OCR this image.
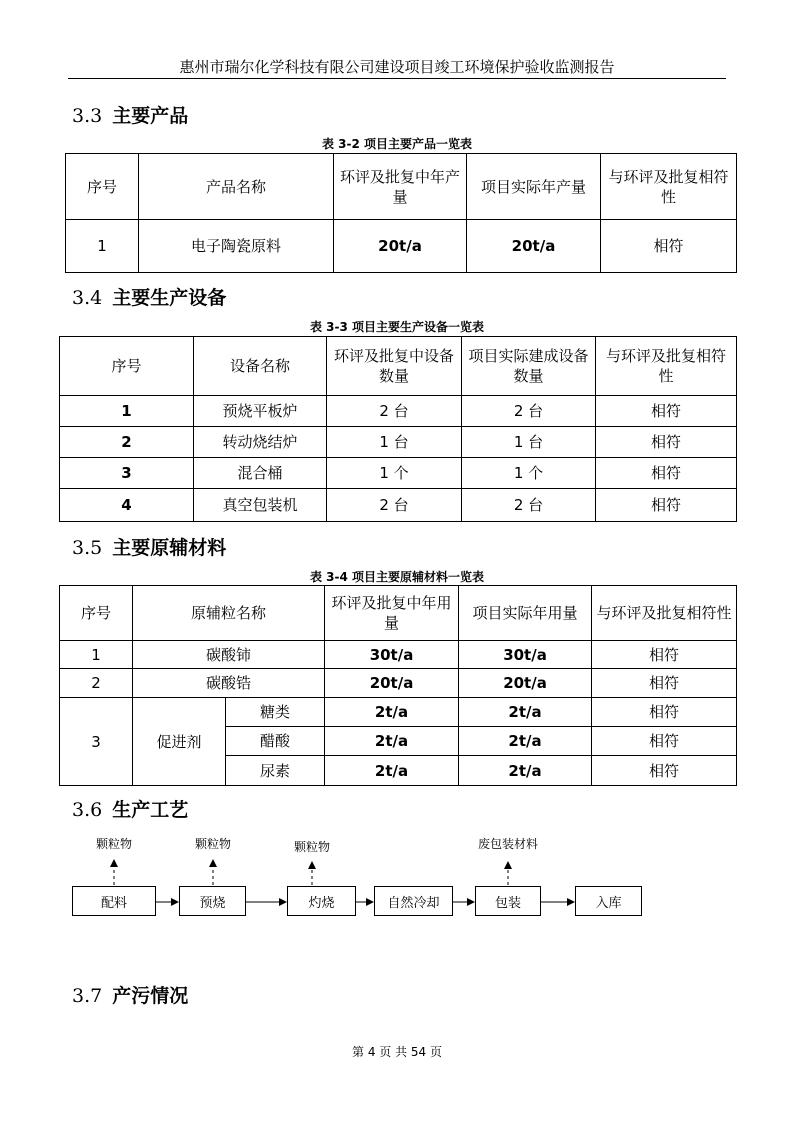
惠州市瑞尔化学科技有限公司建设项目竣工环境保护验收监测报告
3.3 主要产品
表 3-2 项目主要产品一览表
序号	产品名称	环评及批复中年产量	项目实际年产量	与环评及批复相符性
1	电子陶瓷原料	20t/a	20t/a	相符
3.4 主要生产设备
表 3-3 项目主要生产设备一览表
序号	设备名称	环评及批复中设备数量	项目实际建成设备数量	与环评及批复相符性
1	预烧平板炉	2 台	2 台	相符
2	转动烧结炉	1 台	1 台	相符
3	混合桶	1 个	1 个	相符
4	真空包装机	2 台	2 台	相符
3.5 主要原辅材料
表 3-4 项目主要原辅材料一览表
序号	原辅粒名称		环评及批复中年用量	项目实际年用量	与环评及批复相符性
1	碳酸铈		30t/a	30t/a	相符
2	碳酸锆		20t/a	20t/a	相符
3	促进剂	糖类	2t/a	2t/a	相符
		醋酸	2t/a	2t/a	相符
		尿素	2t/a	2t/a	相符
3.6 生产工艺
颗粒物	颗粒物	颗粒物	废包装材料
配料	预烧	灼烧	自然冷却	包装	入库
3.7 产污情况
第 4 页 共 54 页
